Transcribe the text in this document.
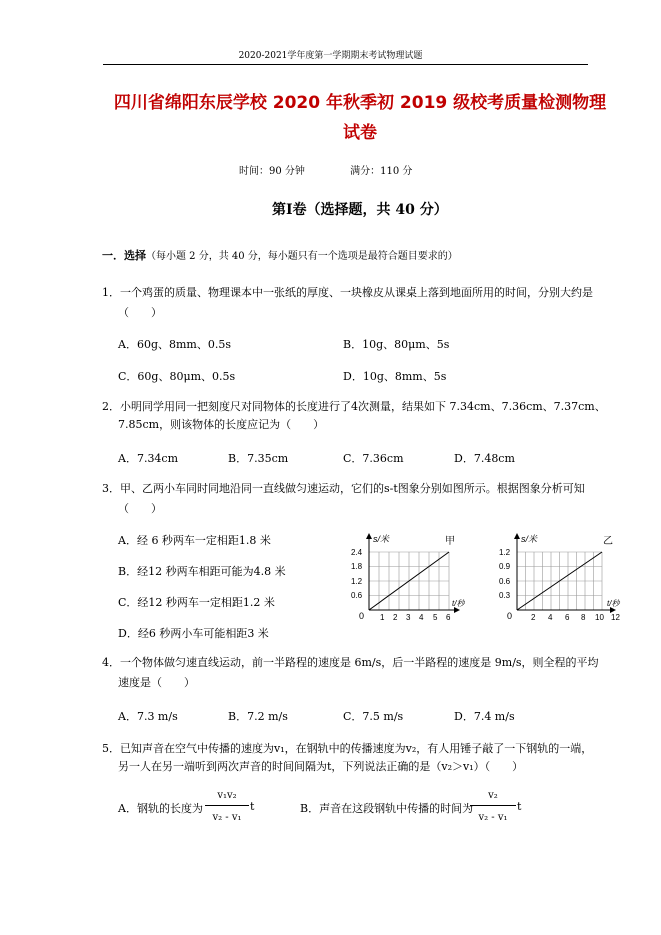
2020-2021学年度第一学期期末考试物理试题
四川省绵阳东辰学校 2020 年秋季初 2019 级校考质量检测物理
试卷
时间：90 分钟	满分：110 分
第Ⅰ卷（选择题，共 40 分）
一．选择（每小题 2 分，共 40 分，每小题只有一个选项是最符合题目要求的）
1．一个鸡蛋的质量、物理课本中一张纸的厚度、一块橡皮从课桌上落到地面所用的时间，分别大约是
（　　）
A．60g、8mm、0.5s	B．10g、80μm、5s
C．60g、80μm、0.5s	D．10g、8mm、5s
2．小明同学用同一把刻度尺对同物体的长度进行了4次测量，结果如下 7.34cm、7.36cm、7.37cm、
7.85cm，则该物体的长度应记为（　　）
A．7.34cm	B．7.35cm	C．7.36cm	D．7.48cm
3．甲、乙两小车同时同地沿同一直线做匀速运动，它们的s-t图象分别如图所示。根据图象分析可知
（　　）
A．经 6 秒两车一定相距1.8 米
B．经12 秒两车相距可能为4.8 米
C．经12 秒两车一定相距1.2 米
D．经6 秒两小车可能相距3 米
s/米	甲
t/秒
2.4
1.8
1.2
0.6
0 1 2 3 4 5 6
s/米	乙
t/秒
1.2
0.9
0.6
0.3
0 2 4 6 8 10 12
4．一个物体做匀速直线运动，前一半路程的速度是 6m/s，后一半路程的速度是 9m/s，则全程的平均
速度是（　　）
A．7.3 m/s	B．7.2 m/s	C．7.5 m/s	D．7.4 m/s
5．已知声音在空气中传播的速度为v₁，在钢轨中的传播速度为v₂，有人用锤子敲了一下钢轨的一端，
另一人在另一端听到两次声音的时间间隔为t，下列说法正确的是（v₂＞v₁）（　　）
A．钢轨的长度为
v₁v₂
v₂ - v₁
t	B．声音在这段钢轨中传播的时间为
v₂
v₂ - v₁
t
